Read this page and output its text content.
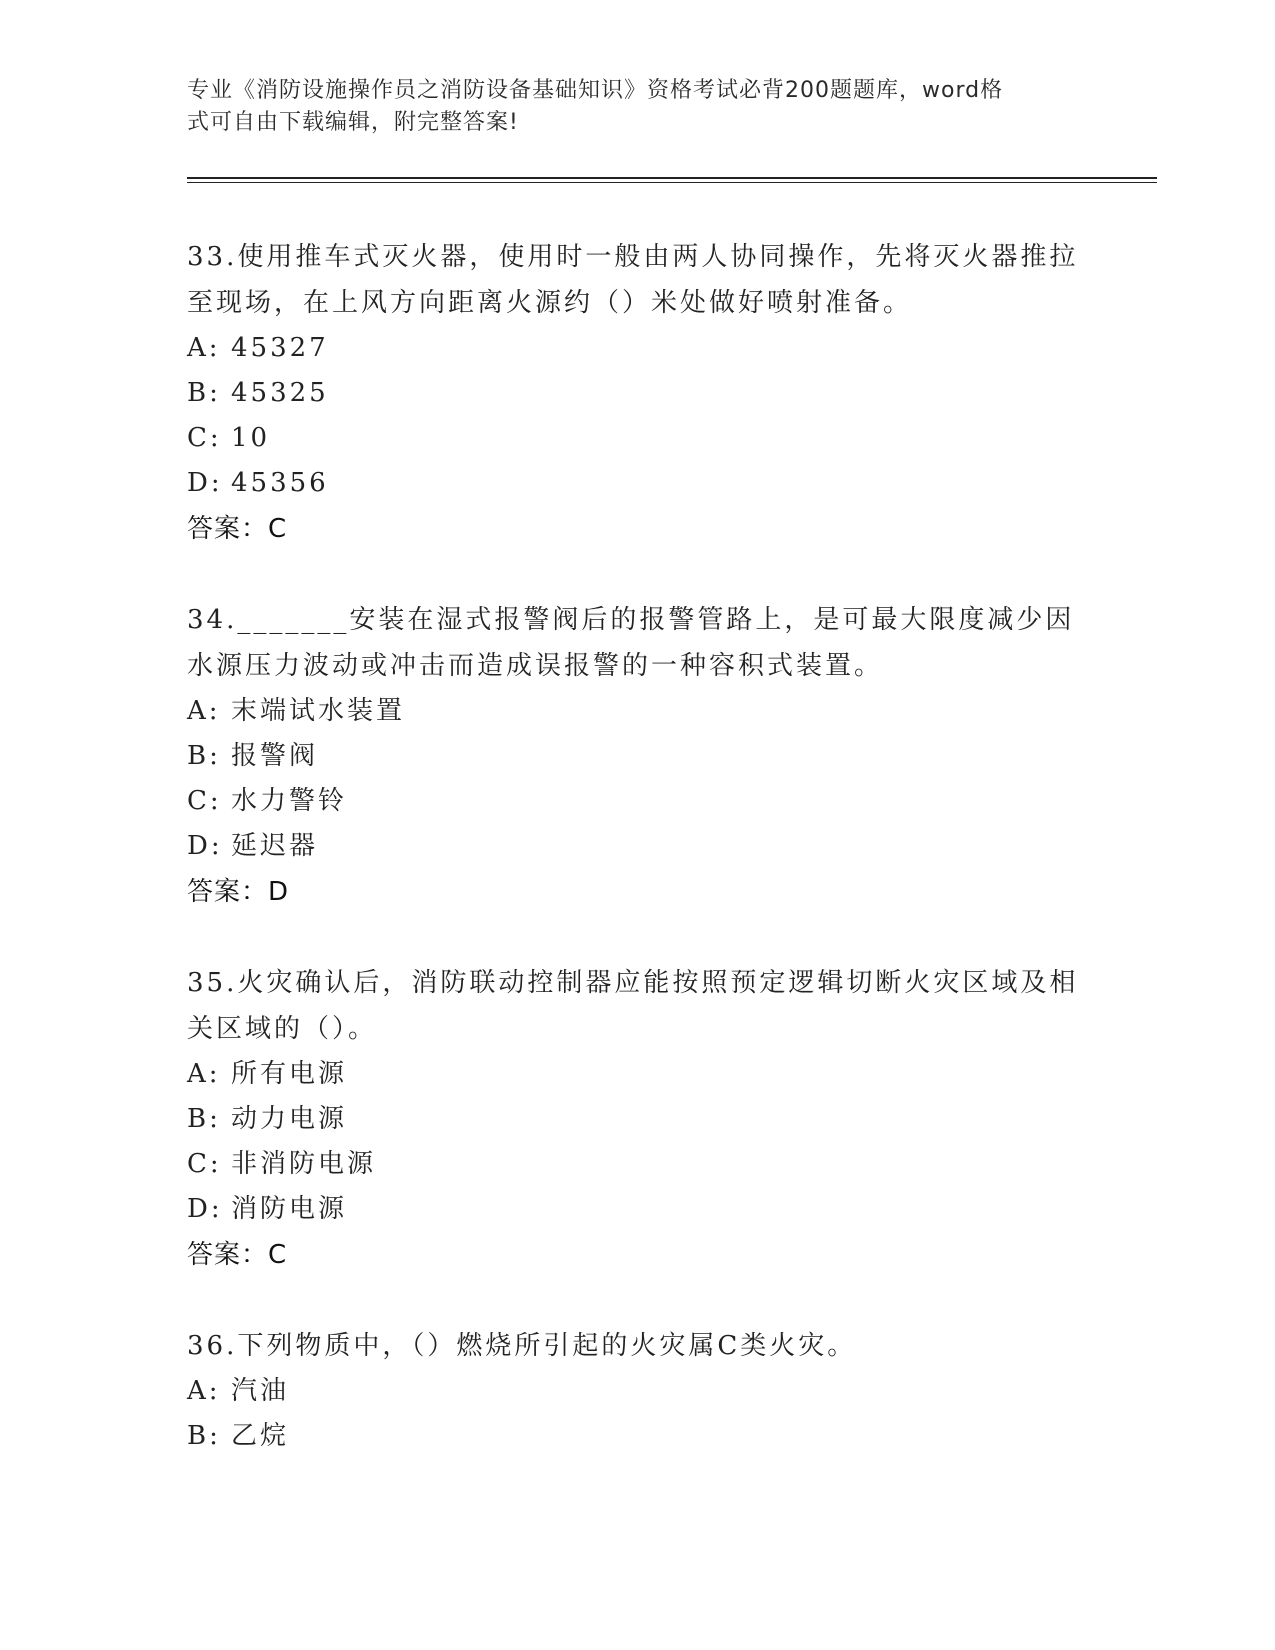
专业《消防设施操作员之消防设备基础知识》资格考试必背200题题库，word格
式可自由下载编辑，附完整答案!

33.使用推车式灭火器，使用时一般由两人协同操作，先将灭火器推拉至现场，在上风方向距离火源约（）米处做好喷射准备。

A: 45327
B: 45325
C: 10
D: 45356
答案：C

34._______安装在湿式报警阀后的报警管路上，是可最大限度减少因水源压力波动或冲击而造成误报警的一种容积式装置。

A: 末端试水装置
B: 报警阀
C: 水力警铃
D: 延迟器
答案：D

35.火灾确认后，消防联动控制器应能按照预定逻辑切断火灾区域及相关区域的（）。

A: 所有电源
B: 动力电源
C: 非消防电源
D: 消防电源
答案：C

36.下列物质中，（）燃烧所引起的火灾属C类火灾。

A: 汽油
B: 乙烷
